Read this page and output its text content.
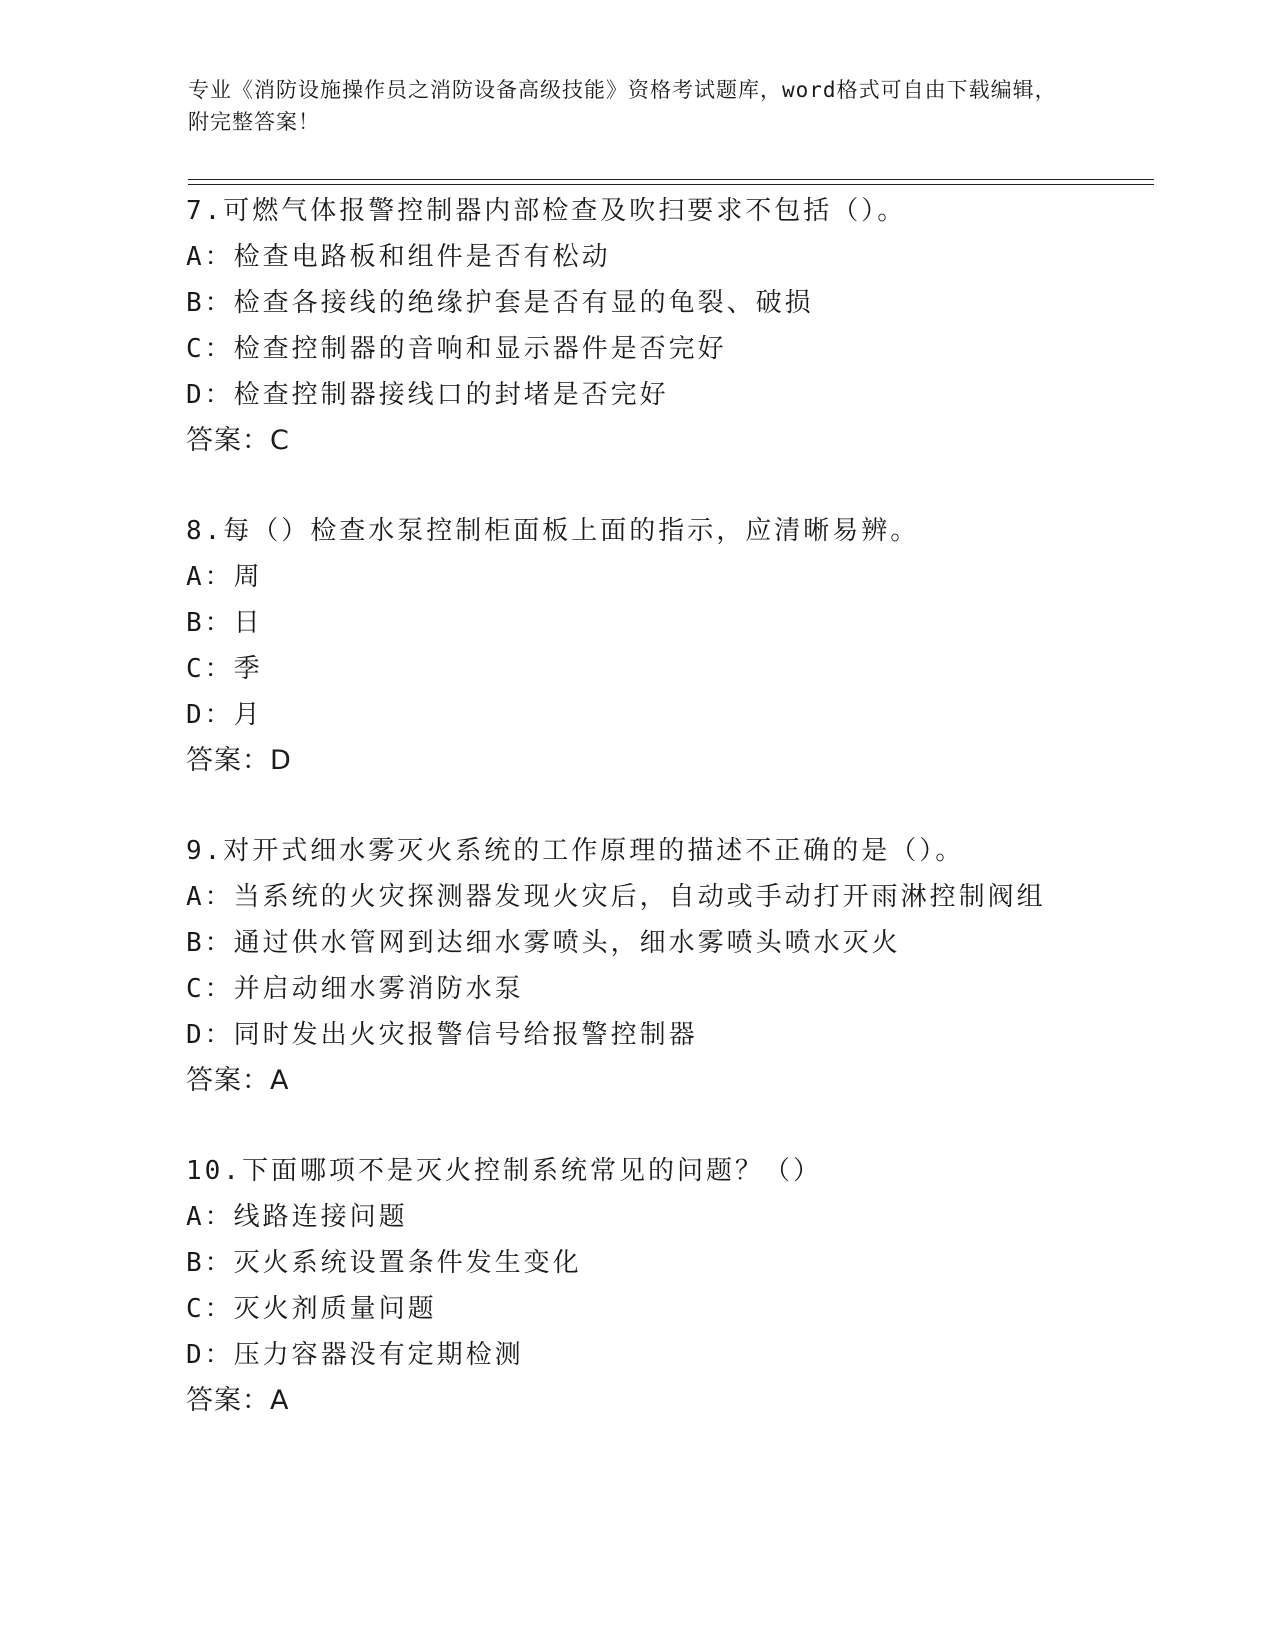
专业《消防设施操作员之消防设备高级技能》资格考试题库，word格式可自由下载编辑，附完整答案！
7.可燃气体报警控制器内部检查及吹扫要求不包括（）。
A：检查电路板和组件是否有松动
B：检查各接线的绝缘护套是否有显的龟裂、破损
C：检查控制器的音响和显示器件是否完好
D：检查控制器接线口的封堵是否完好
答案：C
8.每（）检查水泵控制柜面板上面的指示，应清晰易辨。
A：周
B：日
C：季
D：月
答案：D
9.对开式细水雾灭火系统的工作原理的描述不正确的是（）。
A：当系统的火灾探测器发现火灾后，自动或手动打开雨淋控制阀组
B：通过供水管网到达细水雾喷头，细水雾喷头喷水灭火
C：并启动细水雾消防水泵
D：同时发出火灾报警信号给报警控制器
答案：A
10.下面哪项不是灭火控制系统常见的问题？（）
A：线路连接问题
B：灭火系统设置条件发生变化
C：灭火剂质量问题
D：压力容器没有定期检测
答案：A
